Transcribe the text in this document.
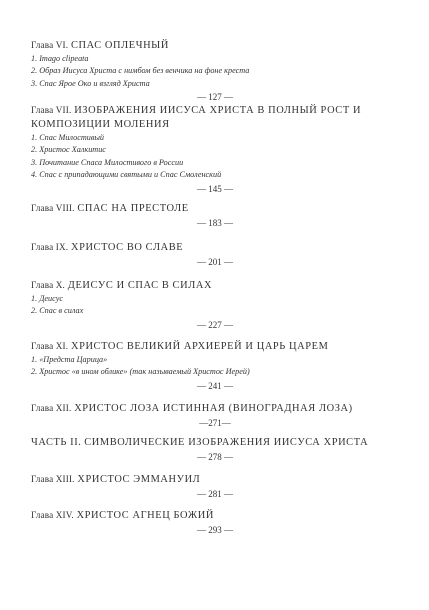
Глава VI. СПАС ОПЛЕЧНЫЙ
1. Imago clipeata
2. Образ Иисуса Христа с нимбом без венчика на фоне креста
3. Спас Ярое Око и взгляд Христа
— 127 —
Глава VII. ИЗОБРАЖЕНИЯ ИИСУСА ХРИСТА В ПОЛНЫЙ РОСТ И КОМПОЗИЦИИ МОЛЕНИЯ
1. Спас Милостивый
2. Христос Халкитис
3. Почитание Спаса Милостивого в России
4. Спас с припадающими святыми и Спас Смоленский
— 145 —
Глава VIII. СПАС НА ПРЕСТОЛЕ
— 183 —
Глава IX. ХРИСТОС ВО СЛАВЕ
— 201 —
Глава X. ДЕИСУС И СПАС В СИЛАХ
1. Деисус
2. Спас в силах
— 227 —
Глава XI. ХРИСТОС ВЕЛИКИЙ АРХИЕРЕЙ И ЦАРЬ ЦАРЕМ
1. «Предста Царица»
2. Христос «в ином облике» (так называемый Христос Иерей)
— 241 —
Глава XII. ХРИСТОС ЛОЗА ИСТИННАЯ (ВИНОГРАДНАЯ ЛОЗА)
—271—
ЧАСТЬ II. СИМВОЛИЧЕСКИЕ ИЗОБРАЖЕНИЯ ИИСУСА ХРИСТА
— 278 —
Глава XIII. ХРИСТОС ЭММАНУИЛ
— 281 —
Глава XIV. ХРИСТОС АГНЕЦ БОЖИЙ
— 293 —
